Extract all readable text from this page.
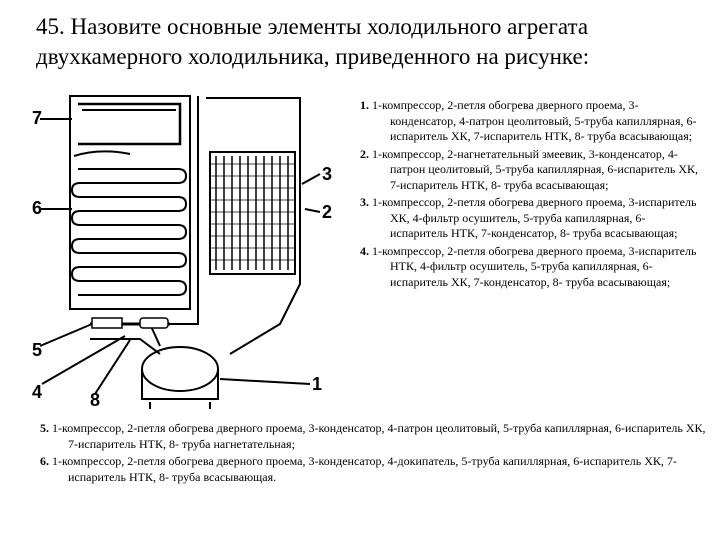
45. Назовите основные элементы холодильного агрегата двухкамерного холодильника, приведенного на рисунке:
7
6
5
4	8
3
2
1

1. 1-компрессор, 2-петля обогрева дверного проема, 3-конденсатор, 4-патрон цеолитовый, 5-труба капиллярная, 6-испаритель ХК, 7-испаритель НТК, 8- труба всасывающая;

2. 1-компрессор, 2-нагнетательный змеевик, 3-конденсатор, 4-патрон цеолитовый, 5-труба капиллярная, 6-испаритель ХК, 7-испаритель НТК, 8- труба всасывающая;

3. 1-компрессор, 2-петля обогрева дверного проема, 3-испаритель ХК, 4-фильтр осушитель, 5-труба капиллярная, 6-испаритель НТК, 7-конденсатор, 8- труба всасывающая;

4. 1-компрессор, 2-петля обогрева дверного проема, 3-испаритель НТК, 4-фильтр осушитель, 5-труба капиллярная, 6-испаритель ХК, 7-конденсатор, 8- труба всасывающая;

5. 1-компрессор, 2-петля обогрева дверного проема, 3-конденсатор, 4-патрон цеолитовый, 5-труба капиллярная, 6-испаритель ХК, 7-испаритель НТК, 8- труба нагнетательная;

6. 1-компрессор, 2-петля обогрева дверного проема, 3-конденсатор, 4-докипатель, 5-труба капиллярная, 6-испаритель ХК, 7-испаритель НТК, 8- труба всасывающая.
